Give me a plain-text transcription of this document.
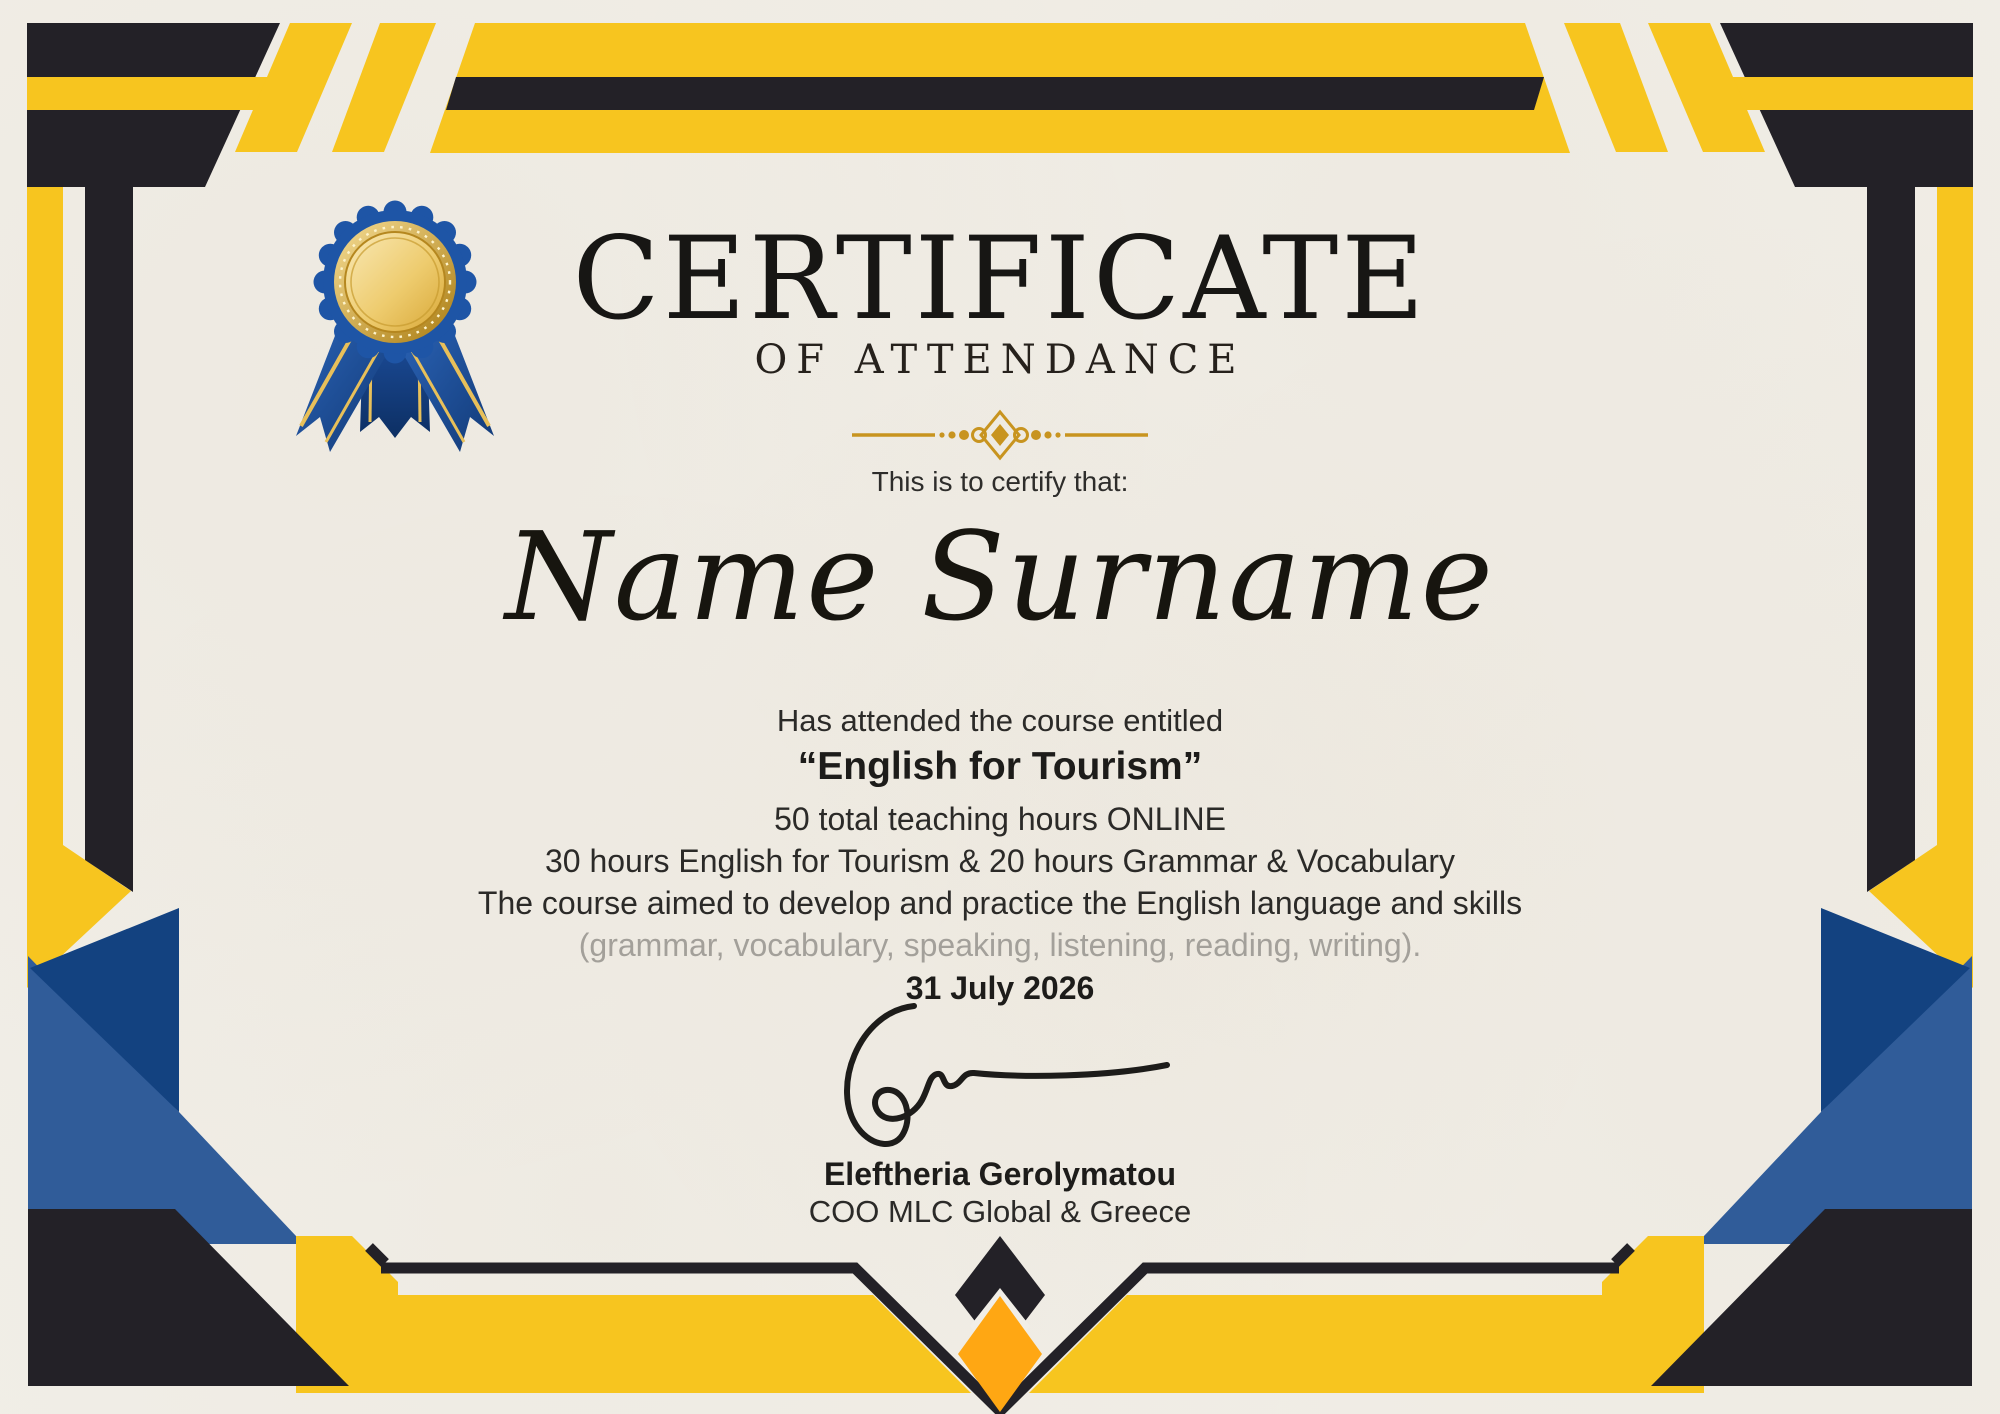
CERTIFICATE
OF ATTENDANCE
This is to certify that:
Name Surname
Has attended the course entitled
“English for Tourism”
50 total teaching hours ONLINE
30 hours English for Tourism & 20 hours Grammar & Vocabulary
The course aimed to develop and practice the English language and skills
(grammar, vocabulary, speaking, listening, reading, writing).
31 July 2026
Eleftheria Gerolymatou
COO MLC Global & Greece
